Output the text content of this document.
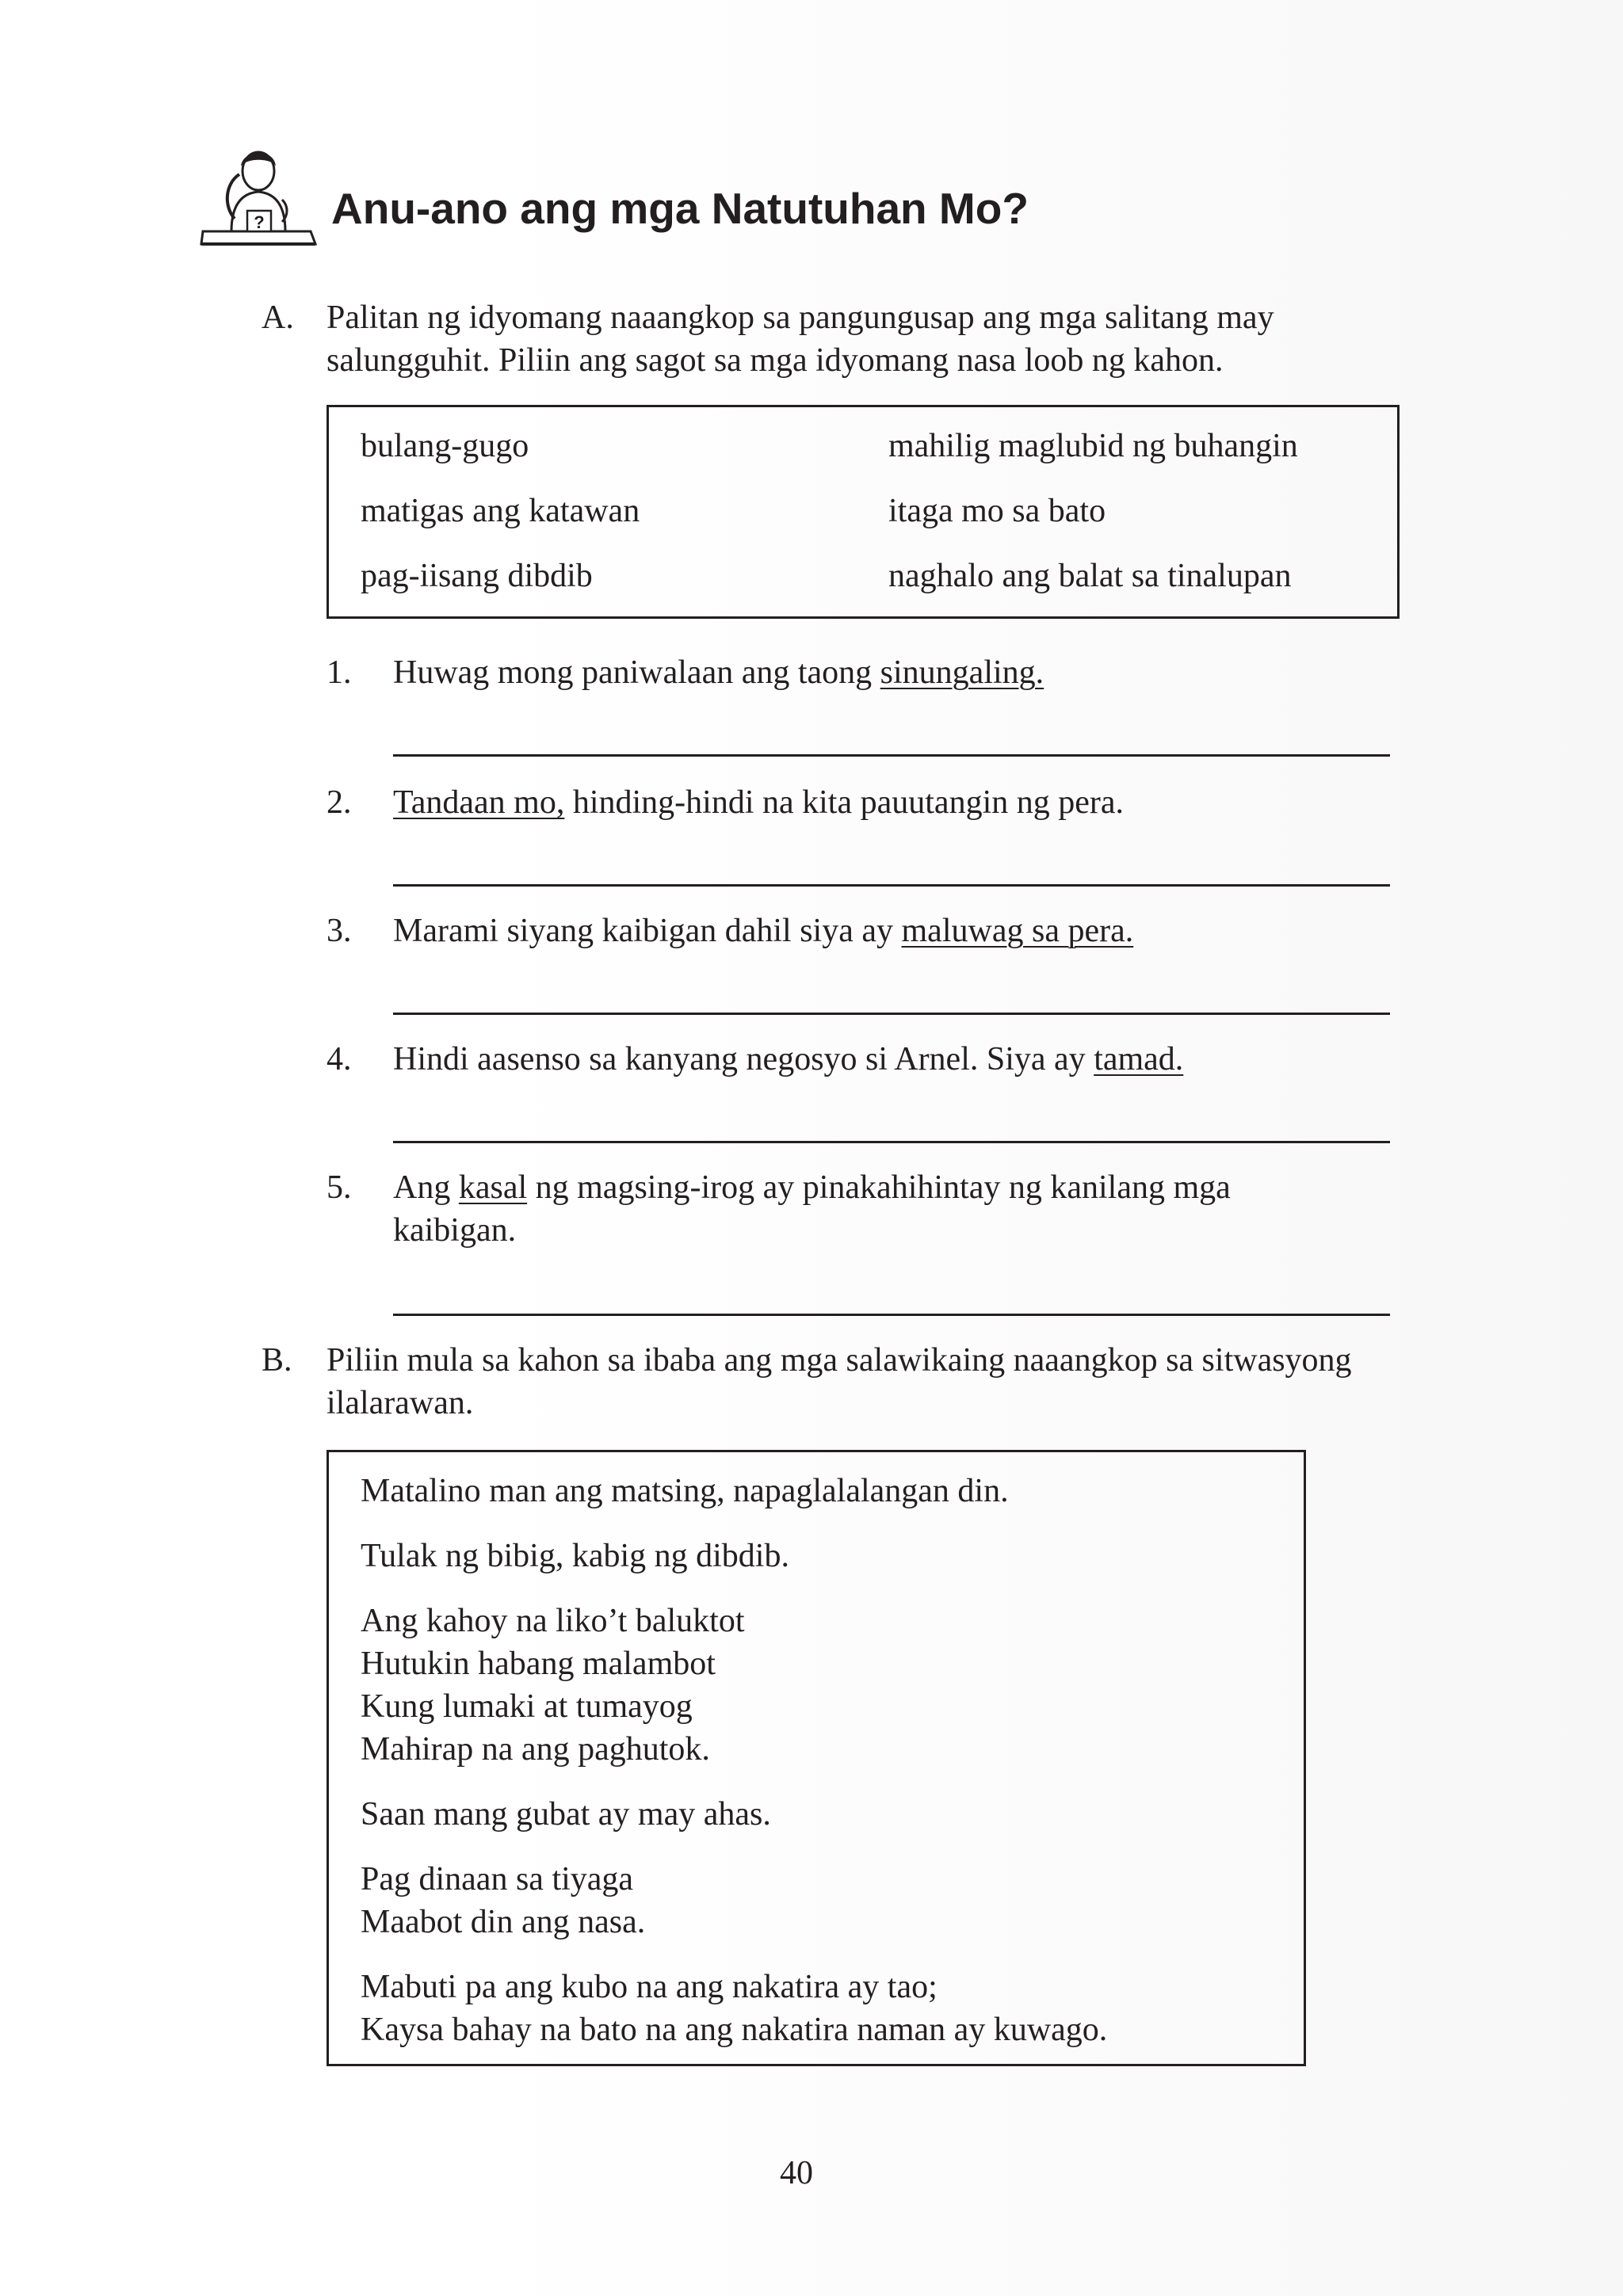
? Anu-ano ang mga Natutuhan Mo?
A. Palitan ng idyomang naaangkop sa pangungusap ang mga salitang may
salungguhit. Piliin ang sagot sa mga idyomang nasa loob ng kahon.
bulang-gugo
matigas ang katawan
pag-iisang dibdib
mahilig maglubid ng buhangin
itaga mo sa bato
naghalo ang balat sa tinalupan
1. Huwag mong paniwalaan ang taong sinungaling.
2. Tandaan mo, hinding-hindi na kita pauutangin ng pera.
3. Marami siyang kaibigan dahil siya ay maluwag sa pera.
4. Hindi aasenso sa kanyang negosyo si Arnel. Siya ay tamad.
5. Ang kasal ng magsing-irog ay pinakahihintay ng kanilang mga
kaibigan.
B. Piliin mula sa kahon sa ibaba ang mga salawikaing naaangkop sa sitwasyong
ilalarawan.
Matalino man ang matsing, napaglalalangan din.
Tulak ng bibig, kabig ng dibdib.
Ang kahoy na liko’t baluktot
Hutukin habang malambot
Kung lumaki at tumayog
Mahirap na ang paghutok.
Saan mang gubat ay may ahas.
Pag dinaan sa tiyaga
Maabot din ang nasa.
Mabuti pa ang kubo na ang nakatira ay tao;
Kaysa bahay na bato na ang nakatira naman ay kuwago.
40
